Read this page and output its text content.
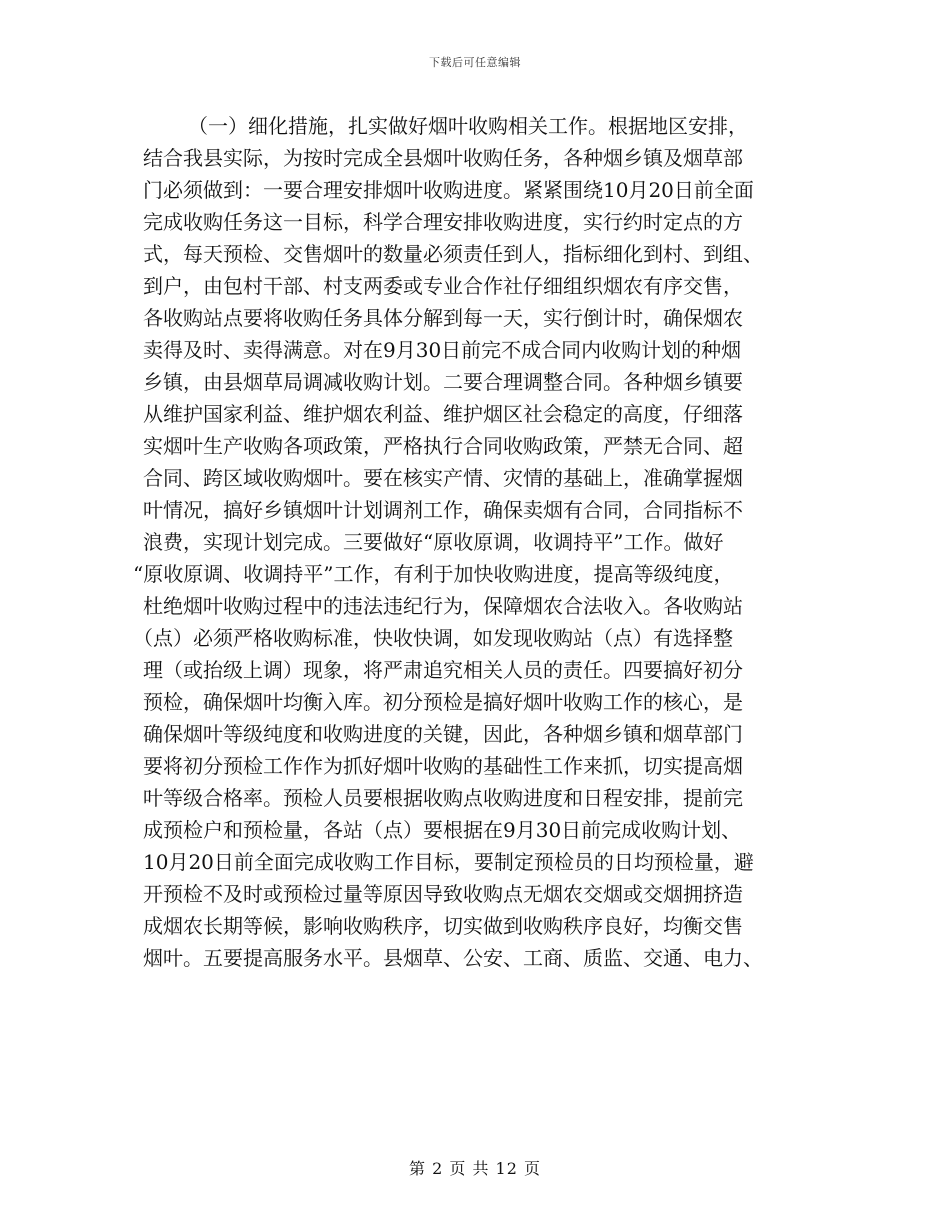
下载后可任意编辑
（一）细化措施，扎实做好烟叶收购相关工作。根据地区安排，
结合我县实际，为按时完成全县烟叶收购任务，各种烟乡镇及烟草部
门必须做到：一要合理安排烟叶收购进度。紧紧围绕10月20日前全面
完成收购任务这一目标，科学合理安排收购进度，实行约时定点的方
式，每天预检、交售烟叶的数量必须责任到人，指标细化到村、到组、
到户，由包村干部、村支两委或专业合作社仔细组织烟农有序交售，
各收购站点要将收购任务具体分解到每一天，实行倒计时，确保烟农
卖得及时、卖得满意。对在9月30日前完不成合同内收购计划的种烟
乡镇，由县烟草局调减收购计划。二要合理调整合同。各种烟乡镇要
从维护国家利益、维护烟农利益、维护烟区社会稳定的高度，仔细落
实烟叶生产收购各项政策，严格执行合同收购政策，严禁无合同、超
合同、跨区域收购烟叶。要在核实产情、灾情的基础上，准确掌握烟
叶情况，搞好乡镇烟叶计划调剂工作，确保卖烟有合同，合同指标不
浪费，实现计划完成。三要做好“原收原调，收调持平”工作。做好
“原收原调、收调持平”工作，有利于加快收购进度，提高等级纯度，
杜绝烟叶收购过程中的违法违纪行为，保障烟农合法收入。各收购站
（点）必须严格收购标准，快收快调，如发现收购站（点）有选择整
理（或抬级上调）现象，将严肃追究相关人员的责任。四要搞好初分
预检，确保烟叶均衡入库。初分预检是搞好烟叶收购工作的核心，是
确保烟叶等级纯度和收购进度的关键，因此，各种烟乡镇和烟草部门
要将初分预检工作作为抓好烟叶收购的基础性工作来抓，切实提高烟
叶等级合格率。预检人员要根据收购点收购进度和日程安排，提前完
成预检户和预检量，各站（点）要根据在9月30日前完成收购计划、
10月20日前全面完成收购工作目标，要制定预检员的日均预检量，避
开预检不及时或预检过量等原因导致收购点无烟农交烟或交烟拥挤造
成烟农长期等候，影响收购秩序，切实做到收购秩序良好，均衡交售
烟叶。五要提高服务水平。县烟草、公安、工商、质监、交通、电力、
第 2 页 共 12 页
